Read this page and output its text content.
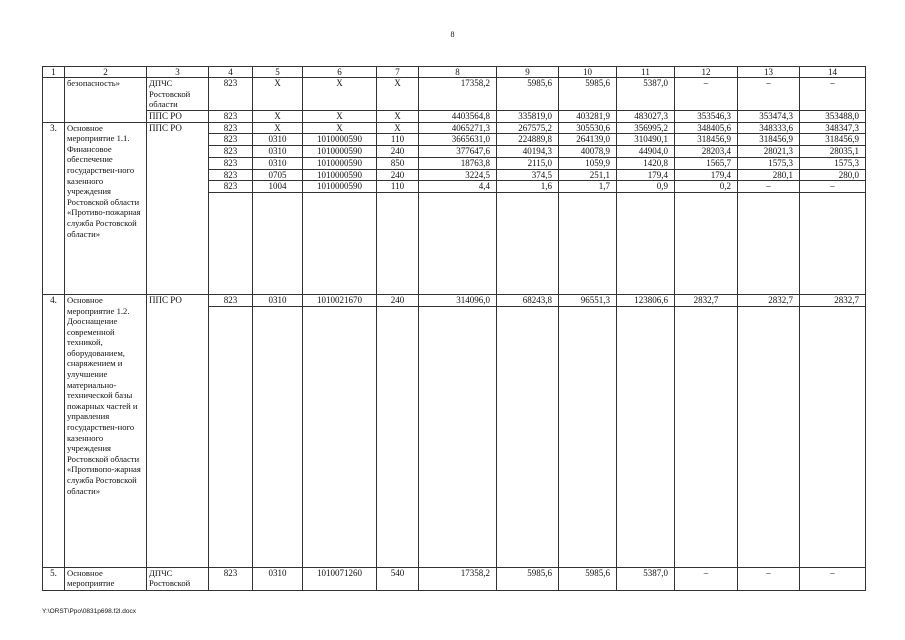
8
1	2	3	4	5	6	7	8	9	10	11	12	13	14
	безопасность»	ДПЧС Ростовской области	823	Х	Х	Х	17358,2	5985,6	5985,6	5387,0	–	–	–
		ППС РО	823	Х	Х	Х	4403564,8	335819,0	403281,9	483027,3	353546,3	353474,3	353488,0
3.	Основное мероприятие 1.1. Финансовое обеспечение государствен-ного казенного учреждения Ростовской области «Противо-пожарная служба Ростовской области»	ППС РО	823	Х	Х	Х	4065271,3	267575,2	305530,6	356995,2	348405,6	348333,6	348347,3
			823	0310	1010000590	110	3665631,0	224889,8	264139,0	310490,1	318456,9	318456,9	318456,9
			823	0310	1010000590	240	377647,6	40194,3	40078,9	44904,0	28203,4	28021,3	28035,1
			823	0310	1010000590	850	18763,8	2115,0	1059,9	1420,8	1565,7	1575,3	1575,3
			823	0705	1010000590	240	3224,5	374,5	251,1	179,4	179,4	280,1	280,0
			823	1004	1010000590	110	4,4	1,6	1,7	0,9	0,2	–	–

4.	Основное мероприятие 1.2. Дооснащение современной техникой, оборудованием, снаряжением и улучшение материально-технической базы пожарных частей и управления государствен-ного казенного учреждения Ростовской области «Противопо-жарная служба Ростовской области»	ППС РО	823	0310	1010021670	240	314096,0	68243,8	96551,3	123806,6	2832,7	2832,7	2832,7

5.	Основное мероприятие	ДПЧС Ростовской	823	0310	1010071260	540	17358,2	5985,6	5985,6	5387,0	–	–	–
Y:\ORST\Ppo\0831p698.f2l.docx
